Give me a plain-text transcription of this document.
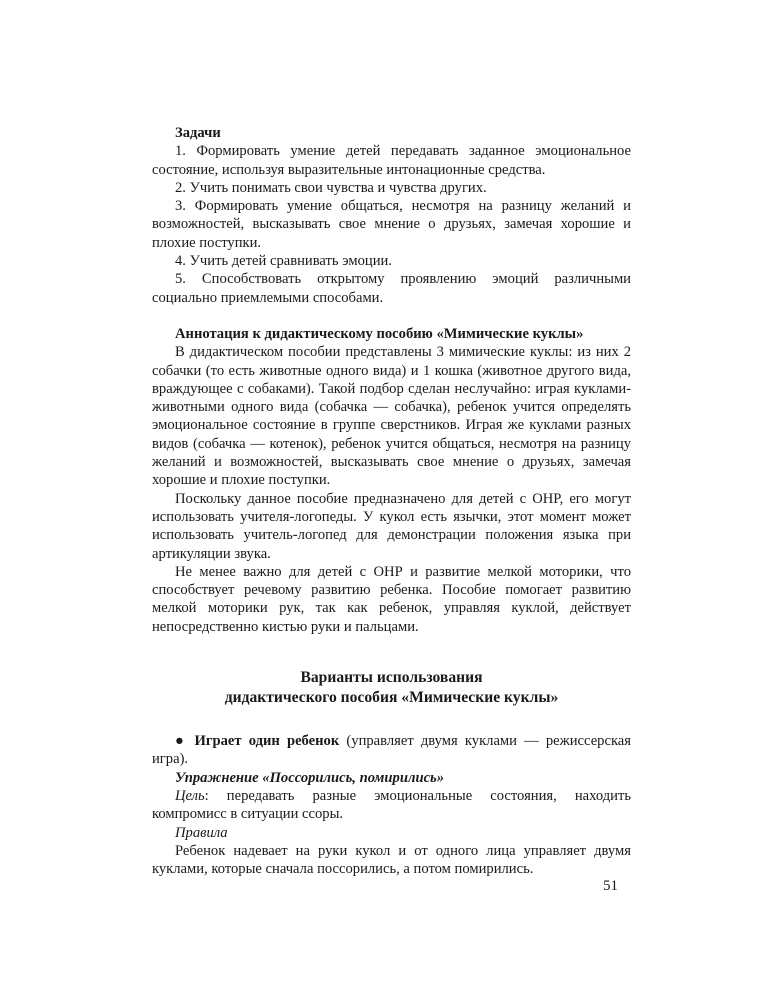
Задачи

1. Формировать умение детей передавать заданное эмоциональное состояние, используя выразительные интонационные средства.

2. Учить понимать свои чувства и чувства других.

3. Формировать умение общаться, несмотря на разницу желаний и возможностей, высказывать свое мнение о друзьях, замечая хорошие и плохие поступки.

4. Учить детей сравнивать эмоции.

5. Способствовать открытому проявлению эмоций различными социально приемлемыми способами.

Аннотация к дидактическому пособию «Мимические куклы»

В дидактическом пособии представлены 3 мимические куклы: из них 2 собачки (то есть животные одного вида) и 1 кошка (животное другого вида, враждующее с собаками). Такой подбор сделан неслучайно: играя куклами-животными одного вида (собачка — собачка), ребенок учится определять эмоциональное состояние в группе сверстников. Играя же куклами разных видов (собачка — котенок), ребенок учится общаться, несмотря на разницу желаний и возможностей, высказывать свое мнение о друзьях, замечая хорошие и плохие поступки.

Поскольку данное пособие предназначено для детей с ОНР, его могут использовать учителя-логопеды. У кукол есть язычки, этот момент может использовать учитель-логопед для демонстрации положения языка при артикуляции звука.

Не менее важно для детей с ОНР и развитие мелкой моторики, что способствует речевому развитию ребенка. Пособие помогает развитию мелкой моторики рук, так как ребенок, управляя куклой, действует непосредственно кистью руки и пальцами.

Варианты использования

дидактического пособия «Мимические куклы»

● Играет один ребенок (управляет двумя куклами — режиссерская игра).

Упражнение «Поссорились, помирились»

Цель: передавать разные эмоциональные состояния, находить компромисс в ситуации ссоры.

Правила

Ребенок надевает на руки кукол и от одного лица управляет двумя куклами, которые сначала поссорились, а потом помирились.

51
